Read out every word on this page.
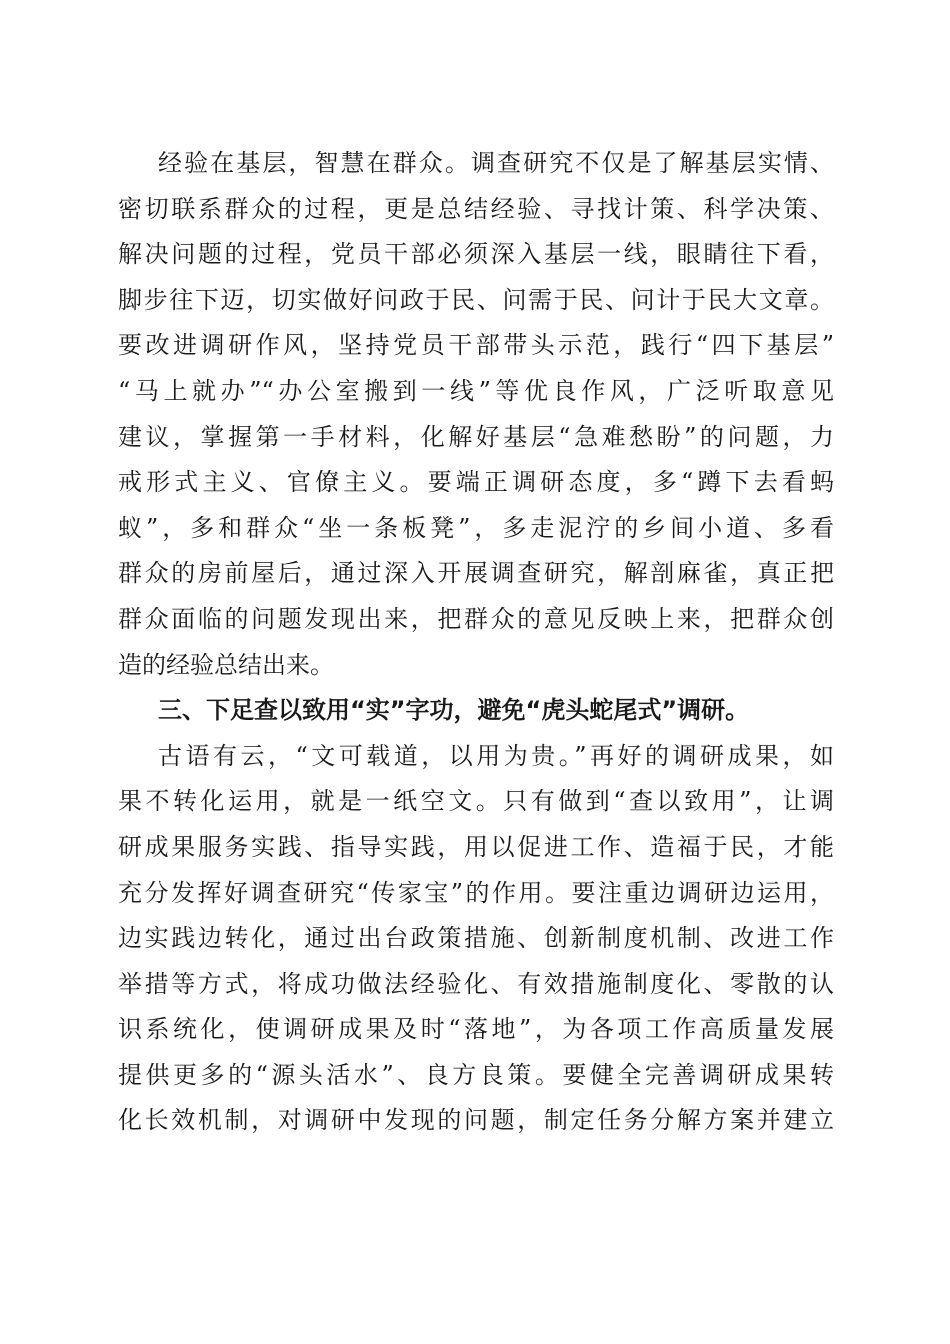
经验在基层，智慧在群众。调查研究不仅是了解基层实情、
密切联系群众的过程，更是总结经验、寻找计策、科学决策、
解决问题的过程，党员干部必须深入基层一线，眼睛往下看，
脚步往下迈，切实做好问政于民、问需于民、问计于民大文章。
要改进调研作风，坚持党员干部带头示范，践行“四下基层”
“马上就办”“办公室搬到一线”等优良作风，广泛听取意见
建议，掌握第一手材料，化解好基层“急难愁盼”的问题，力
戒形式主义、官僚主义。要端正调研态度，多“蹲下去看蚂
蚁”，多和群众“坐一条板凳”，多走泥泞的乡间小道、多看
群众的房前屋后，通过深入开展调查研究，解剖麻雀，真正把
群众面临的问题发现出来，把群众的意见反映上来，把群众创
造的经验总结出来。
三、下足查以致用“实”字功，避免“虎头蛇尾式”调研。
古语有云，“文可载道，以用为贵。”再好的调研成果，如
果不转化运用，就是一纸空文。只有做到“查以致用”，让调
研成果服务实践、指导实践，用以促进工作、造福于民，才能
充分发挥好调查研究“传家宝”的作用。要注重边调研边运用，
边实践边转化，通过出台政策措施、创新制度机制、改进工作
举措等方式，将成功做法经验化、有效措施制度化、零散的认
识系统化，使调研成果及时“落地”，为各项工作高质量发展
提供更多的“源头活水”、良方良策。要健全完善调研成果转
化长效机制，对调研中发现的问题，制定任务分解方案并建立
